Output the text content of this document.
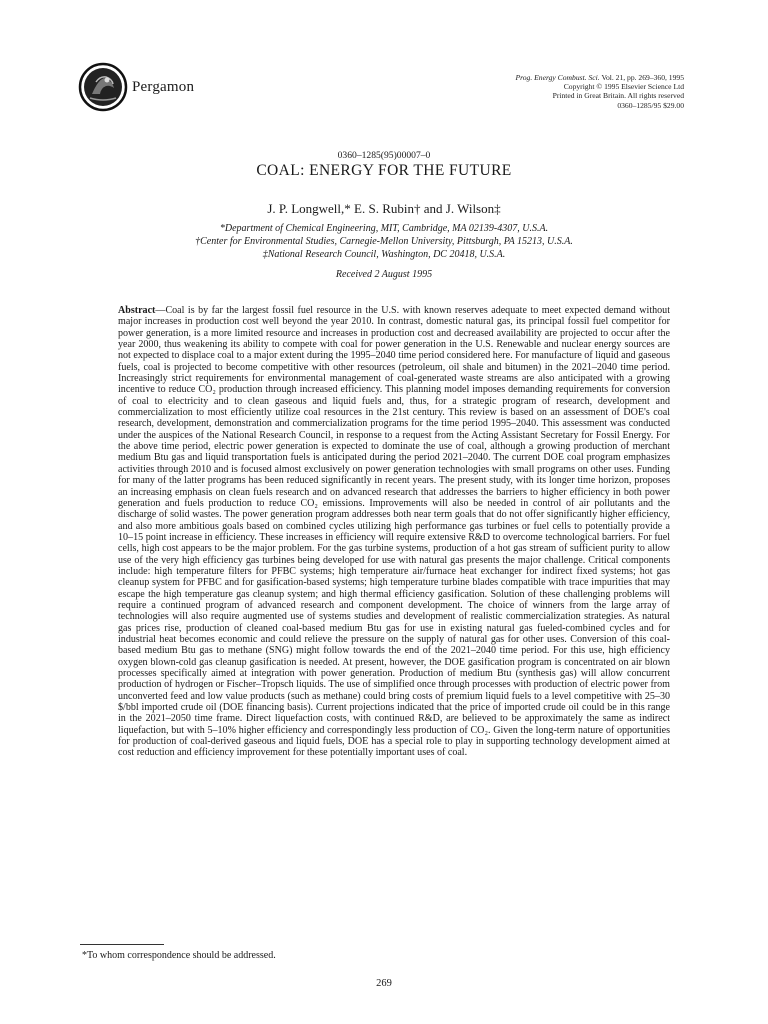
Pergamon
Prog. Energy Combust. Sci. Vol. 21, pp. 269–360, 1995
Copyright © 1995 Elsevier Science Ltd
Printed in Great Britain. All rights reserved
0360–1285/95 $29.00
0360–1285(95)00007–0
COAL: ENERGY FOR THE FUTURE
J. P. Longwell,* E. S. Rubin† and J. Wilson‡
*Department of Chemical Engineering, MIT, Cambridge, MA 02139-4307, U.S.A.
†Center for Environmental Studies, Carnegie-Mellon University, Pittsburgh, PA 15213, U.S.A.
‡National Research Council, Washington, DC 20418, U.S.A.
Received 2 August 1995

Abstract—Coal is by far the largest fossil fuel resource in the U.S. with known reserves adequate to meet expected demand without major increases in production cost well beyond the year 2010. In contrast, domestic natural gas, its principal fossil fuel competitor for power generation, is a more limited resource and increases in production cost and decreased availability are projected to occur after the year 2000, thus weakening its ability to compete with coal for power generation in the U.S. Renewable and nuclear energy sources are not expected to displace coal to a major extent during the 1995–2040 time period considered here. For manufacture of liquid and gaseous fuels, coal is projected to become competitive with other resources (petroleum, oil shale and bitumen) in the 2021–2040 time period. Increasingly strict requirements for environmental management of coal-generated waste streams are also anticipated with a growing incentive to reduce CO₂ production through increased efficiency. This planning model imposes demanding requirements for conversion of coal to electricity and to clean gaseous and liquid fuels and, thus, for a strategic program of research, development and commercialization to most efficiently utilize coal resources in the 21st century. This review is based on an assessment of DOE's coal research, development, demonstration and commercialization programs for the time period 1995–2040. This assessment was conducted under the auspices of the National Research Council, in response to a request from the Acting Assistant Secretary for Fossil Energy. For the above time period, electric power generation is expected to dominate the use of coal, although a growing production of merchant medium Btu gas and liquid transportation fuels is anticipated during the period 2021–2040. The current DOE coal program emphasizes activities through 2010 and is focused almost exclusively on power generation technologies with small programs on other uses. Funding for many of the latter programs has been reduced significantly in recent years. The present study, with its longer time horizon, proposes an increasing emphasis on clean fuels research and on advanced research that addresses the barriers to higher efficiency in both power generation and fuels production to reduce CO₂ emissions. Improvements will also be needed in control of air pollutants and the discharge of solid wastes. The power generation program addresses both near term goals that do not offer significantly higher efficiency, and also more ambitious goals based on combined cycles utilizing high performance gas turbines or fuel cells to potentially provide a 10–15 point increase in efficiency. These increases in efficiency will require extensive R&D to overcome technological barriers. For fuel cells, high cost appears to be the major problem. For the gas turbine systems, production of a hot gas stream of sufficient purity to allow use of the very high efficiency gas turbines being developed for use with natural gas presents the major challenge. Critical components include: high temperature filters for PFBC systems; high temperature air/furnace heat exchanger for indirect fixed systems; hot gas cleanup system for PFBC and for gasification-based systems; high temperature turbine blades compatible with trace impurities that may escape the high temperature gas cleanup system; and high thermal efficiency gasification. Solution of these challenging problems will require a continued program of advanced research and component development. The choice of winners from the large array of technologies will also require augmented use of systems studies and development of realistic commercialization strategies. As natural gas prices rise, production of cleaned coal-based medium Btu gas for use in existing natural gas fueled-combined cycles and for industrial heat becomes economic and could relieve the pressure on the supply of natural gas for other uses. Conversion of this coal-based medium Btu gas to methane (SNG) might follow towards the end of the 2021–2040 time period. For this use, high efficiency oxygen blown-cold gas cleanup gasification is needed. At present, however, the DOE gasification program is concentrated on air blown processes specifically aimed at integration with power generation. Production of medium Btu (synthesis gas) will allow concurrent production of hydrogen or Fischer–Tropsch liquids. The use of simplified once through processes with production of electric power from unconverted feed and low value products (such as methane) could bring costs of premium liquid fuels to a level competitive with 25–30 $/bbl imported crude oil (DOE financing basis). Current projections indicated that the price of imported crude oil could be in this range in the 2021–2050 time frame. Direct liquefaction costs, with continued R&D, are believed to be approximately the same as indirect liquefaction, but with 5–10% higher efficiency and correspondingly less production of CO₂. Given the long-term nature of opportunities for production of coal-derived gaseous and liquid fuels, DOE has a special role to play in supporting technology development aimed at cost reduction and efficiency improvement for these potentially important uses of coal.

*To whom correspondence should be addressed.
269
